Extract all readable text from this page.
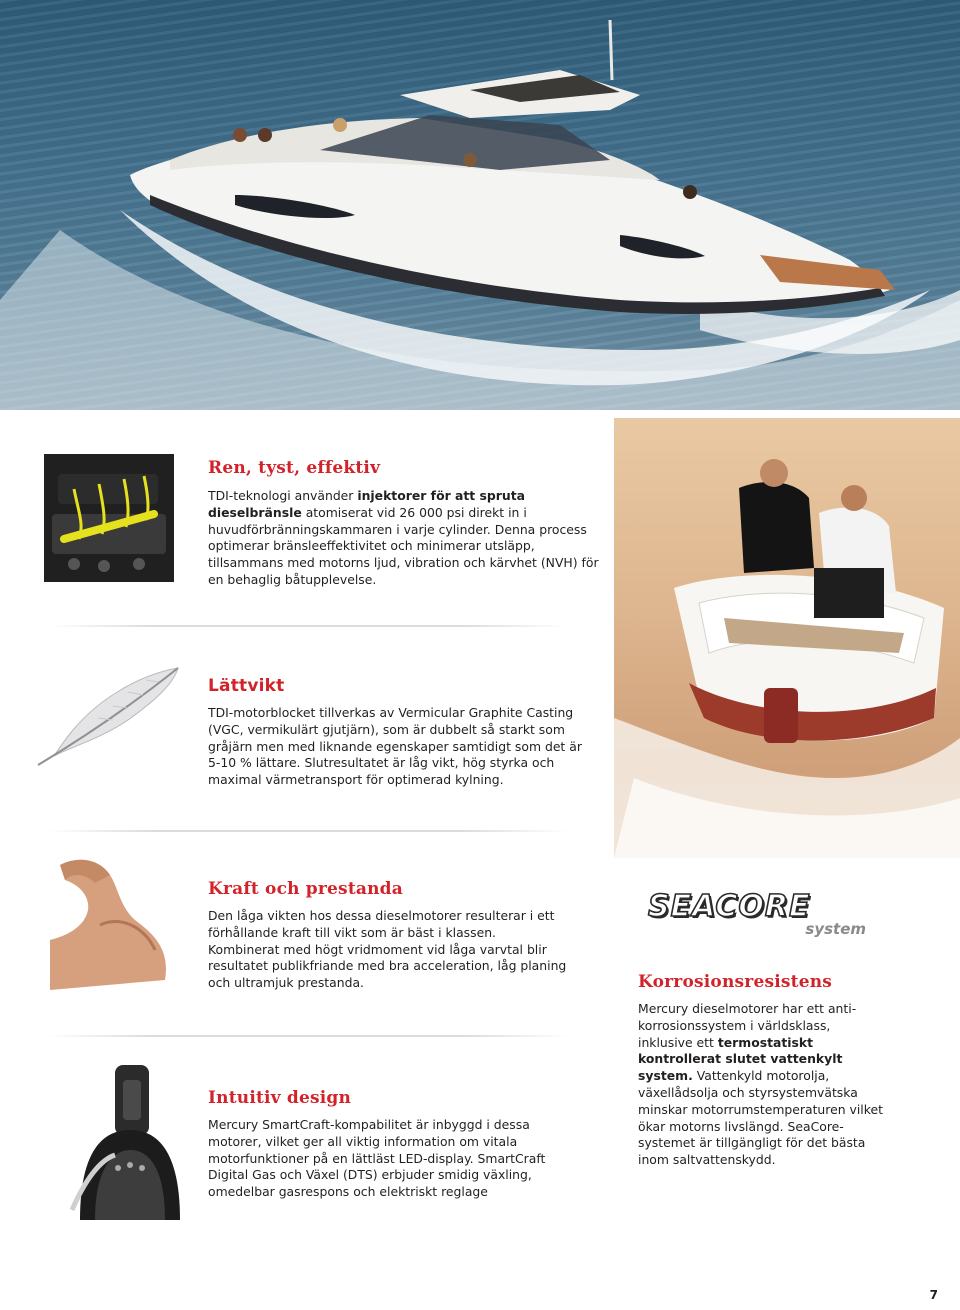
Ren, tyst, effektiv

TDI-teknologi använder injektorer för att spruta
dieselbränsle atomiserat vid 26 000 psi direkt in i huvudförbränningskammaren i varje cylinder. Denna process optimerar bränsleeffektivitet och minimerar utsläpp, tillsammans med motorns ljud, vibration och kärvhet (NVH) för en behaglig båtupplevelse.

Lättvikt

TDI-motorblocket tillverkas av Vermicular Graphite Casting (VGC, vermikulärt gjutjärn), som är dubbelt så starkt som gråjärn men med liknande egenskaper samtidigt som det är 5-10 % lättare. Slutresultatet är låg vikt, hög styrka och maximal värmetransport för optimerad kylning.

Kraft och prestanda

Den låga vikten hos dessa dieselmotorer resulterar i ett förhållande kraft till vikt som är bäst i klassen. Kombinerat med högt vridmoment vid låga varvtal blir resultatet publikfriande med bra acceleration, låg planing och ultramjuk prestanda.

Intuitiv design

Mercury SmartCraft-kompabilitet är inbyggd i dessa motorer, vilket ger all viktig information om vitala motorfunktioner på en lättläst LED-display. SmartCraft Digital Gas och Växel (DTS) erbjuder smidig växling, omedelbar gasrespons och elektriskt reglage

SEACORE
system
Korrosionsresistens

Mercury dieselmotorer har ett anti-korrosionssystem i världsklass, inklusive ett termostatiskt kontrollerat slutet vattenkylt system. Vattenkyld motorolja, växellådsolja och styrsystemvätska minskar motorrumstemperaturen vilket ökar motorns livslängd. SeaCore-systemet är tillgängligt för det bästa inom saltvattenskydd.

7
